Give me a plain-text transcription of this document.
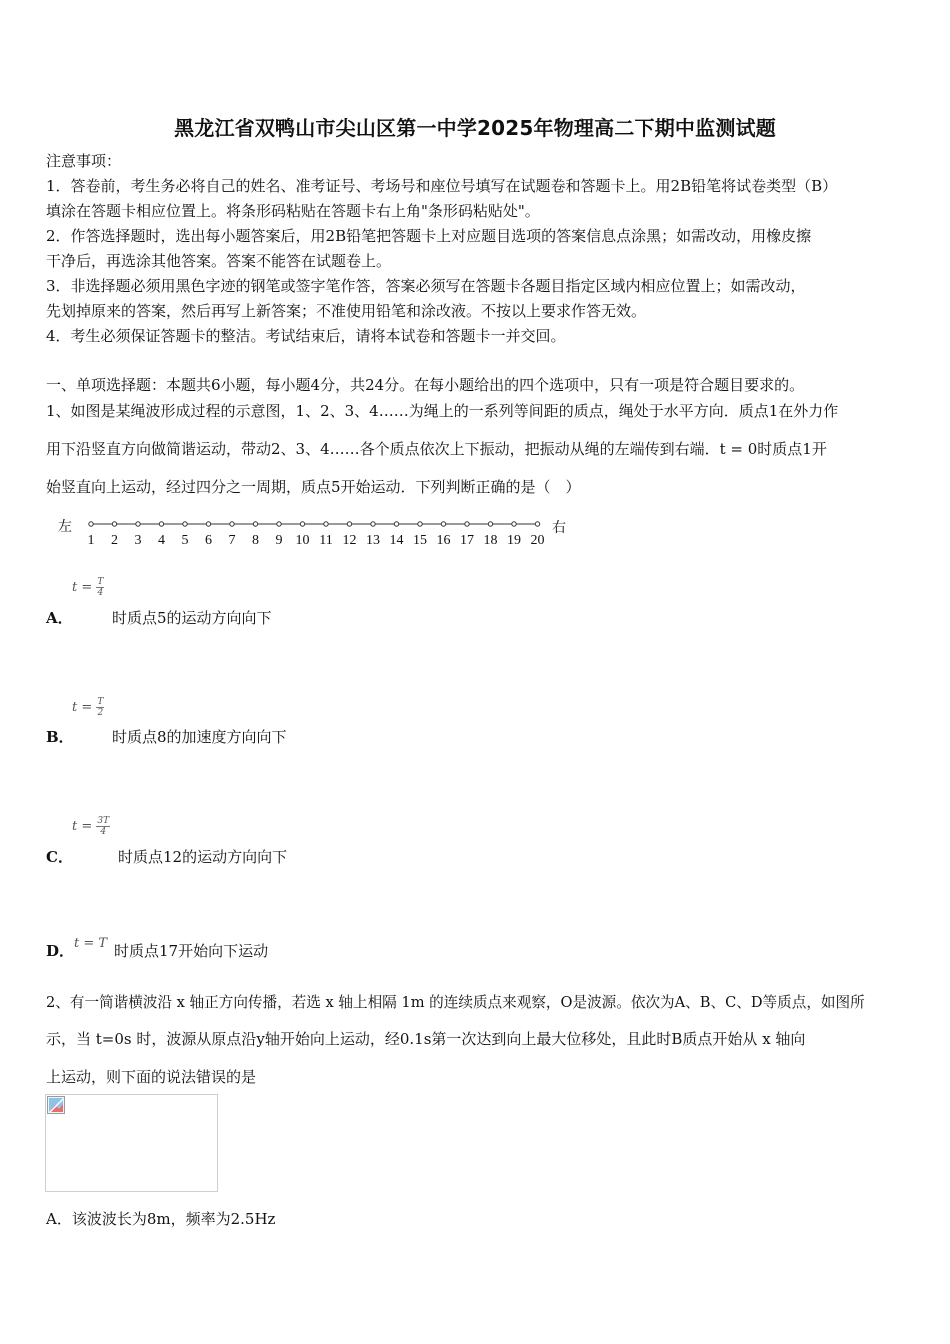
黑龙江省双鸭山市尖山区第一中学2025年物理高二下期中监测试题
注意事项：
1．答卷前，考生务必将自己的姓名、准考证号、考场号和座位号填写在试题卷和答题卡上。用2B铅笔将试卷类型（B）
填涂在答题卡相应位置上。将条形码粘贴在答题卡右上角"条形码粘贴处"。
2．作答选择题时，选出每小题答案后，用2B铅笔把答题卡上对应题目选项的答案信息点涂黑；如需改动，用橡皮擦
干净后，再选涂其他答案。答案不能答在试题卷上。
3．非选择题必须用黑色字迹的钢笔或签字笔作答，答案必须写在答题卡各题目指定区域内相应位置上；如需改动，
先划掉原来的答案，然后再写上新答案；不准使用铅笔和涂改液。不按以上要求作答无效。
4．考生必须保证答题卡的整洁。考试结束后，请将本试卷和答题卡一并交回。
一、单项选择题：本题共6小题，每小题4分，共24分。在每小题给出的四个选项中，只有一项是符合题目要求的。
1、如图是某绳波形成过程的示意图，1、2、3、4……为绳上的一系列等间距的质点，绳处于水平方向．质点1在外力作
用下沿竖直方向做简谐运动，带动2、3、4……各个质点依次上下振动，把振动从绳的左端传到右端．t = 0时质点1开
始竖直向上运动，经过四分之一周期，质点5开始运动．下列判断正确的是（　）
左	右
1 2 3 4 5 6 7 8 9 10 11 12 13 14 15 16 17 18 19 20
$t = \frac{T}{4}$
A．	时质点5的运动方向向下
$t = \frac{T}{2}$
B．	时质点8的加速度方向向下
$t = \frac{3T}{4}$
C．	时质点12的运动方向向下
D． t = T 时质点17开始向下运动
2、有一简谐横波沿 x 轴正方向传播，若选 x 轴上相隔 1m 的连续质点来观察，O是波源。依次为A、B、C、D等质点，如图所
示，当 t=0s 时，波源从原点沿y轴开始向上运动，经0.1s第一次达到向上最大位移处，且此时B质点开始从 x 轴向
上运动，则下面的说法错误的是
A．该波波长为8m，频率为2.5Hz
